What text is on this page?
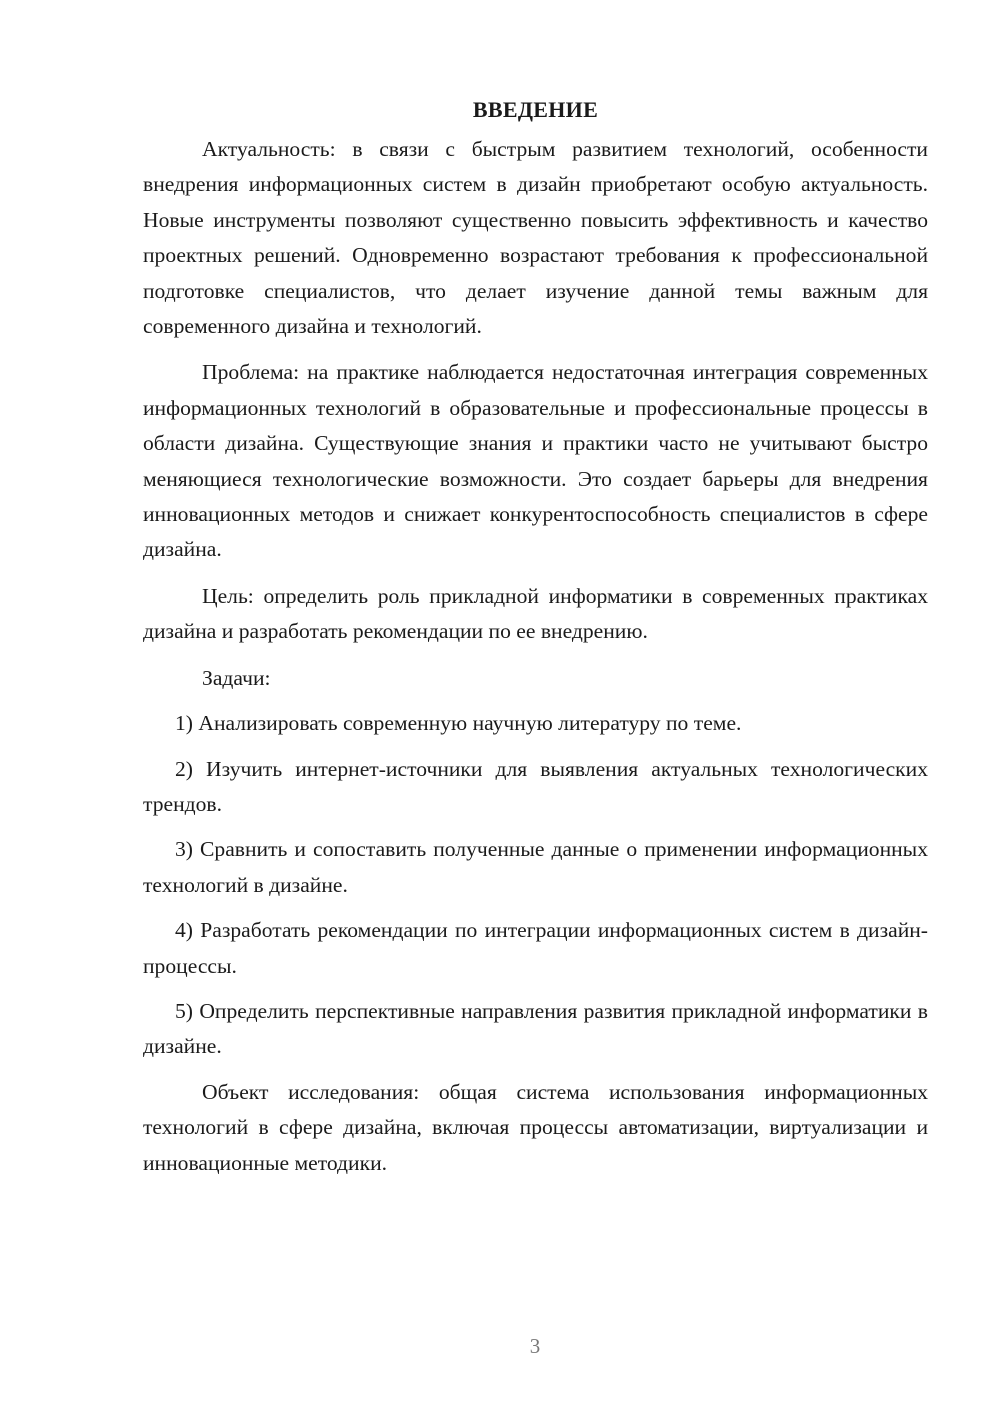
ВВЕДЕНИЕ

Актуальность: в связи с быстрым развитием технологий, особенности внедрения информационных систем в дизайн приобретают особую актуальность. Новые инструменты позволяют существенно повысить эффективность и качество проектных решений. Одновременно возрастают требования к профессиональной подготовке специалистов, что делает изучение данной темы важным для современного дизайна и технологий.

Проблема: на практике наблюдается недостаточная интеграция современных информационных технологий в образовательные и профессиональные процессы в области дизайна. Существующие знания и практики часто не учитывают быстро меняющиеся технологические возможности. Это создает барьеры для внедрения инновационных методов и снижает конкурентоспособность специалистов в сфере дизайна.

Цель: определить роль прикладной информатики в современных практиках дизайна и разработать рекомендации по ее внедрению.

Задачи:

1) Анализировать современную научную литературу по теме.

2) Изучить интернет-источники для выявления актуальных технологических трендов.

3) Сравнить и сопоставить полученные данные о применении информационных технологий в дизайне.

4) Разработать рекомендации по интеграции информационных систем в дизайн-процессы.

5) Определить перспективные направления развития прикладной информатики в дизайне.

Объект исследования: общая система использования информационных технологий в сфере дизайна, включая процессы автоматизации, виртуализации и инновационные методики.

3
